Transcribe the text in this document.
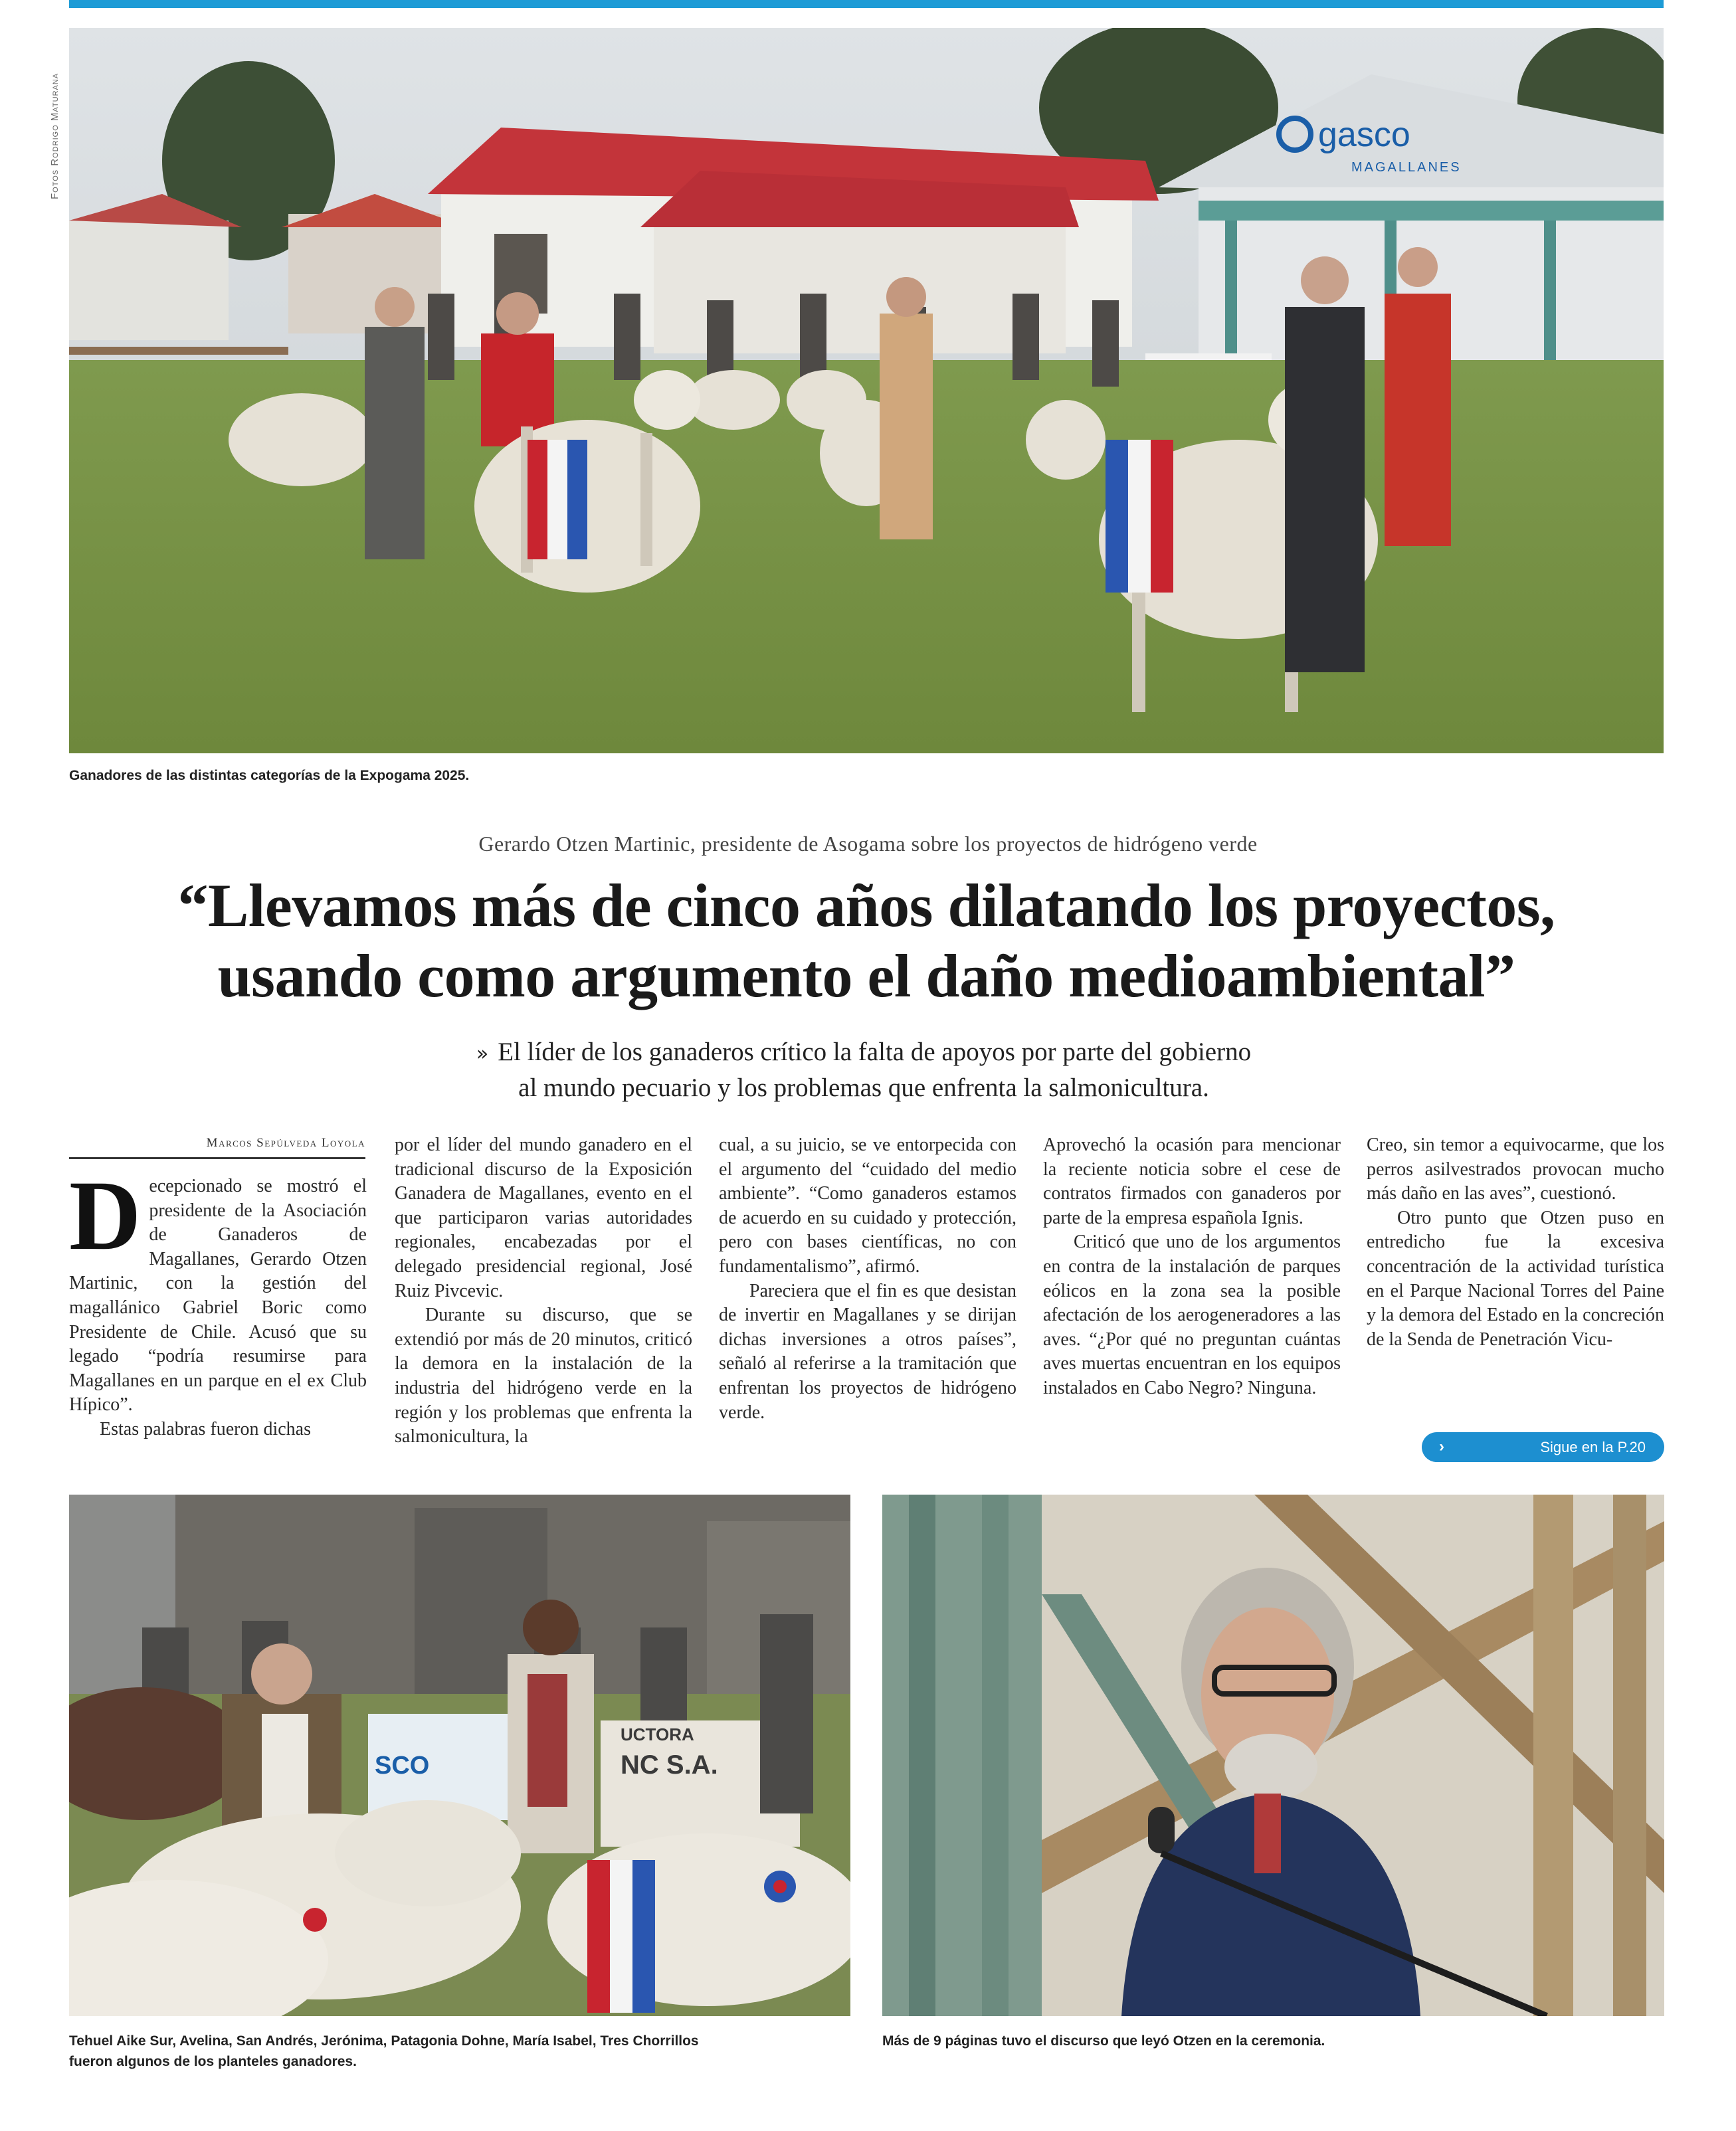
Fotos Rodrigo Maturana	gasco
MAGALLANES
Ganadores de las distintas categorías de la Expogama 2025.
Gerardo Otzen Martinic, presidente de Asogama sobre los proyectos de hidrógeno verde
“Llevamos más de cinco años dilatando los proyectos,
usando como argumento el daño medioambiental”
» El líder de los ganaderos crítico la falta de apoyos por parte del gobierno
al mundo pecuario y los problemas que enfrenta la salmonicultura.
Marcos Sepúlveda Loyola

Decepcionado se mostró el presidente de la Asociación de Ganaderos de Magallanes, Gerardo Otzen Martinic, con la gestión del magallánico Gabriel Boric como Presidente de Chile. Acusó que su legado “podría resumirse para Magallanes en un parque en el ex Club Hípico”.

Estas palabras fueron dichas

por el líder del mundo ganadero en el tradicional discurso de la Exposición Ganadera de Magallanes, evento en el que participaron varias autoridades regionales, encabezadas por el delegado presidencial regional, José Ruiz Pivcevic.

Durante su discurso, que se extendió por más de 20 minutos, criticó la demora en la instalación de la industria del hidrógeno verde en la región y los problemas que enfrenta la salmonicultura, la

cual, a su juicio, se ve entorpecida con el argumento del “cuidado del medio ambiente”. “Como ganaderos estamos de acuerdo en su cuidado y protección, pero con bases científicas, no con fundamentalismo”, afirmó.

Pareciera que el fin es que desistan de invertir en Magallanes y se dirijan dichas inversiones a otros países”, señaló al referirse a la tramitación que enfrentan los proyectos de hidrógeno verde.

Aprovechó la ocasión para mencionar la reciente noticia sobre el cese de contratos firmados con ganaderos por parte de la empresa española Ignis.

Criticó que uno de los argumentos en contra de la instalación de parques eólicos en la zona sea la posible afectación de los aerogeneradores a las aves. “¿Por qué no preguntan cuántas aves muertas encuentran en los equipos instalados en Cabo Negro? Ninguna.

Creo, sin temor a equivocarme, que los perros asilvestrados provocan mucho más daño en las aves”, cuestionó.

Otro punto que Otzen puso en entredicho fue la excesiva concentración de la actividad turística en el Parque Nacional Torres del Paine y la demora del Estado en la concreción de la Senda de Penetración Vicu-

›	Sigue en la P.20
SCO
UCTORA
NC S.A.
Tehuel Aike Sur, Avelina, San Andrés, Jerónima, Patagonia Dohne, María Isabel, Tres Chorrillos
fueron algunos de los planteles ganadores.
Más de 9 páginas tuvo el discurso que leyó Otzen en la ceremonia.
